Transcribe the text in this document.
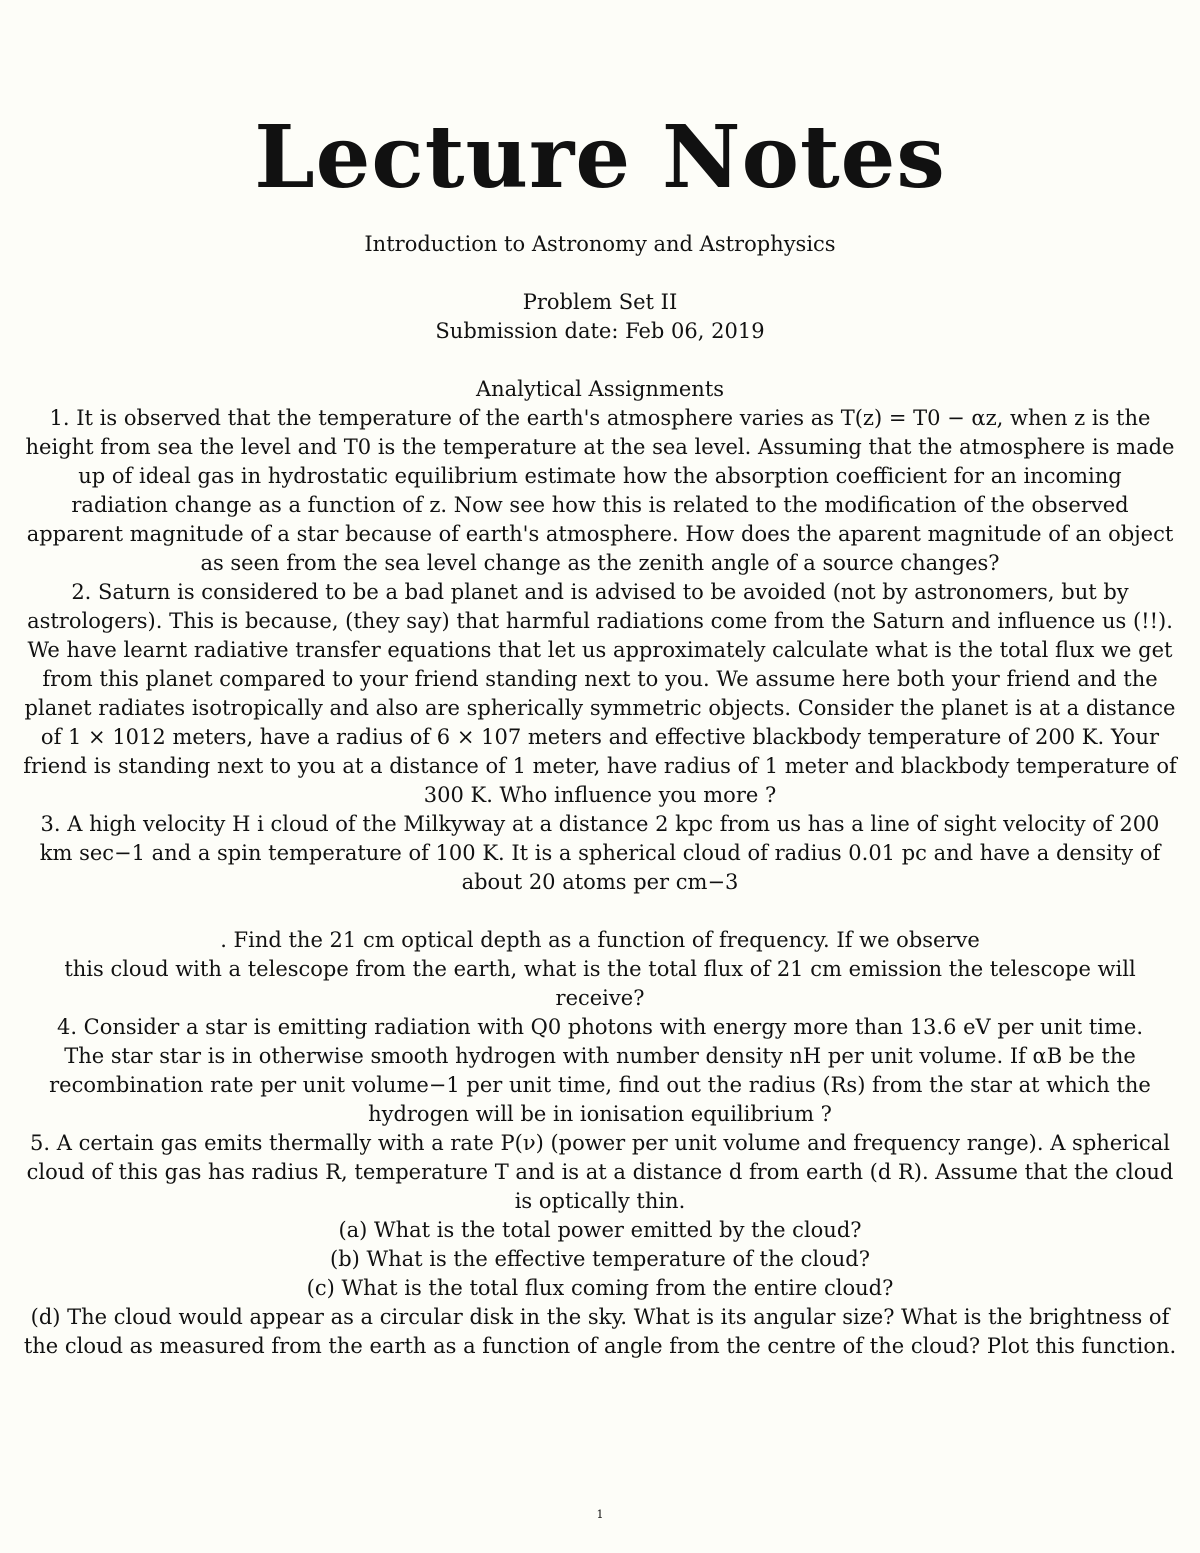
Lecture Notes

Introduction to Astronomy and Astrophysics

Problem Set II

Submission date: Feb 06, 2019

Analytical Assignments

1. It is observed that the temperature of the earth's atmosphere varies as T(z) = T0 − αz, when z is the height from sea the level and T0 is the temperature at the sea level. Assuming that the atmosphere is made up of ideal gas in hydrostatic equilibrium estimate how the absorption coefficient for an incoming

radiation change as a function of z. Now see how this is related to the modification of the observed apparent magnitude of a star because of earth's atmosphere. How does the aparent magnitude of an object as seen from the sea level change as the zenith angle of a source changes?

2. Saturn is considered to be a bad planet and is advised to be avoided (not by astronomers, but by astrologers). This is because, (they say) that harmful radiations come from the Saturn and influence us (!!). We have learnt radiative transfer equations that let us approximately calculate what is the total flux we get from this planet compared to your friend standing next to you. We assume here both your friend and the planet radiates isotropically and also are spherically symmetric objects. Consider the planet is at a distance of 1 × 1012 meters, have a radius of 6 × 107 meters and effective blackbody temperature of 200 K. Your friend is standing next to you at a distance of 1 meter, have radius of 1 meter and blackbody temperature of 300 K. Who influence you more ?

3. A high velocity H i cloud of the Milkyway at a distance 2 kpc from us has a line of sight velocity of 200

km sec−1 and a spin temperature of 100 K. It is a spherical cloud of radius 0.01 pc and have a density of about 20 atoms per cm−3

. Find the 21 cm optical depth as a function of frequency. If we observe

this cloud with a telescope from the earth, what is the total flux of 21 cm emission the telescope will receive?

4. Consider a star is emitting radiation with Q0 photons with energy more than 13.6 eV per unit time.

The star star is in otherwise smooth hydrogen with number density nH per unit volume. If αB be the recombination rate per unit volume−1 per unit time, find out the radius (Rs) from the star at which the hydrogen will be in ionisation equilibrium ?

5. A certain gas emits thermally with a rate P(ν) (power per unit volume and frequency range). A spherical cloud of this gas has radius R, temperature T and is at a distance d from earth (d R). Assume that the cloud is optically thin.

(a) What is the total power emitted by the cloud?

(b) What is the effective temperature of the cloud?

(c) What is the total flux coming from the entire cloud?

(d) The cloud would appear as a circular disk in the sky. What is its angular size? What is the brightness of the cloud as measured from the earth as a function of angle from the centre of the cloud? Plot this function.

1
